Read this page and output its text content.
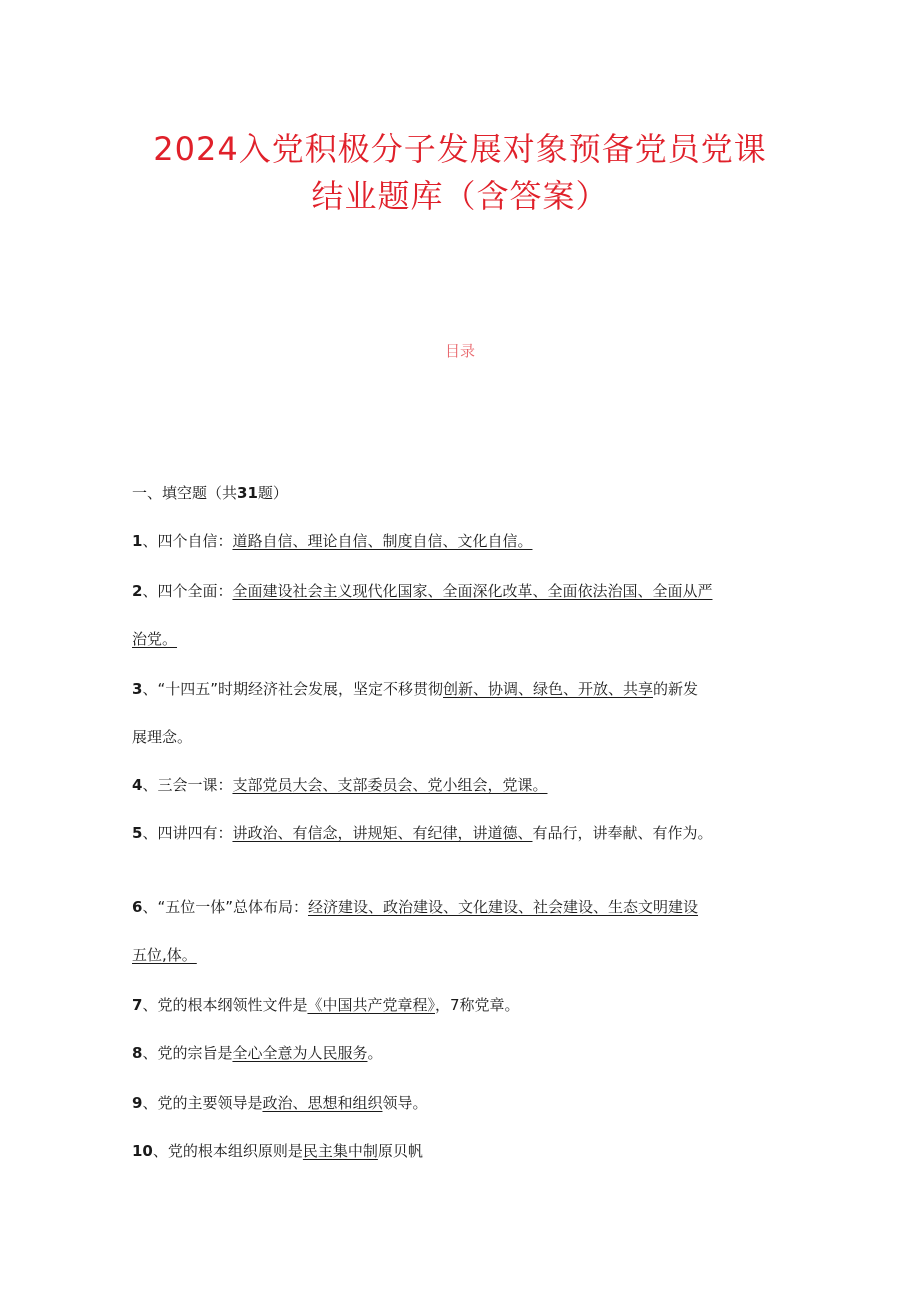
2024入党积极分子发展对象预备党员党课
结业题库（含答案）
目录
一、填空题（共31题）
1、四个自信：道路自信、理论自信、制度自信、文化自信。
2、四个全面：全面建设社会主义现代化国家、全面深化改革、全面依法治国、全面从严
治党。
3、“十四五”时期经济社会发展，坚定不移贯彻创新、协调、绿色、开放、共享的新发
展理念。
4、三会一课：支部党员大会、支部委员会、党小组会，党课。
5、四讲四有：讲政治、有信念，讲规矩、有纪律，讲道德、有品行，讲奉献、有作为。
6、“五位一体”总体布局：经济建设、政治建设、文化建设、社会建设、生态文明建设
五位,体。
7、党的根本纲领性文件是《中国共产党章程》，7称党章。
8、党的宗旨是全心全意为人民服务。
9、党的主要领导是政治、思想和组织领导。
10、党的根本组织原则是民主集中制原贝帆
